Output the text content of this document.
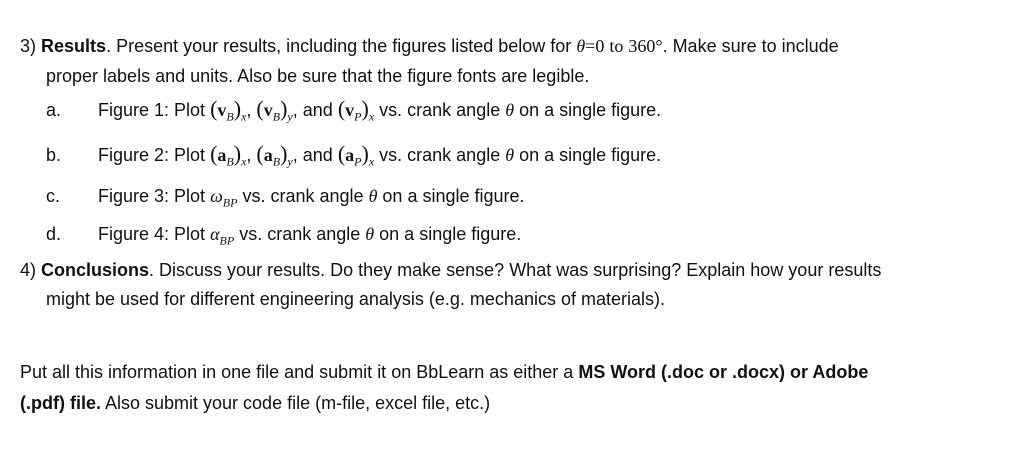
3) Results. Present your results, including the figures listed below for θ=0 to 360°. Make sure to include
proper labels and units. Also be sure that the figure fonts are legible.
a. Figure 1: Plot $(v_B)_x$, $(v_B)_y$, and $(v_P)_x$ vs. crank angle θ on a single figure.
b. Figure 2: Plot $(a_B)_x$, $(a_B)_y$, and $(a_P)_x$ vs. crank angle θ on a single figure.
c. Figure 3: Plot $\omega_{BP}$ vs. crank angle θ on a single figure.
d. Figure 4: Plot $\alpha_{BP}$ vs. crank angle θ on a single figure.
4) Conclusions. Discuss your results. Do they make sense? What was surprising? Explain how your results
might be used for different engineering analysis (e.g. mechanics of materials).
Put all this information in one file and submit it on BbLearn as either a MS Word (.doc or .docx) or Adobe
(.pdf) file. Also submit your code file (m-file, excel file, etc.)
